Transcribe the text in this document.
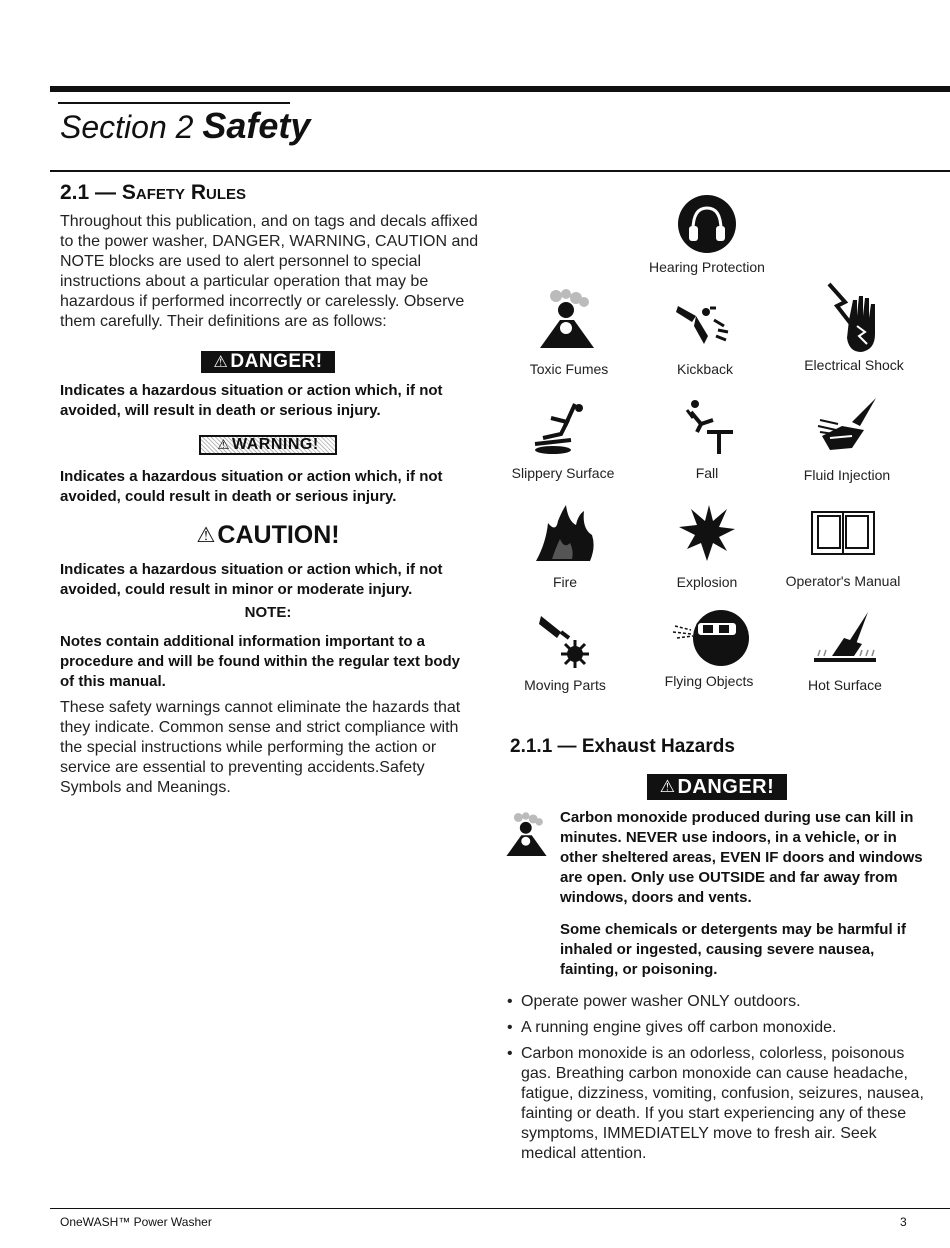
Section 2 Safety
2.1 — Safety Rules
Throughout this publication, and on tags and decals affixed to the power washer, DANGER, WARNING, CAUTION and NOTE blocks are used to alert personnel to special instructions about a particular operation that may be hazardous if performed incorrectly or carelessly. Observe them carefully. Their definitions are as follows:
⚠ DANGER!
Indicates a hazardous situation or action which, if not avoided, will result in death or serious injury.
⚠ WARNING!
Indicates a hazardous situation or action which, if not avoided, could result in death or serious injury.
⚠ CAUTION!
Indicates a hazardous situation or action which, if not avoided, could result in minor or moderate injury.
NOTE:
Notes contain additional information important to a procedure and will be found within the regular text body of this manual.
These safety warnings cannot eliminate the hazards that they indicate. Common sense and strict compliance with the special instructions while performing the action or service are essential to preventing accidents.Safety Symbols and Meanings.
Hearing Protection
Toxic Fumes	Kickback	Electrical Shock
Slippery Surface	Fall	Fluid Injection
Fire	Explosion	Operator's Manual
Moving Parts	Flying Objects	Hot Surface
2.1.1 — Exhaust Hazards
⚠ DANGER!
Carbon monoxide produced during use can kill in minutes. NEVER use indoors, in a vehicle, or in other sheltered areas, EVEN IF doors and windows are open. Only use OUTSIDE and far away from windows, doors and vents.
Some chemicals or detergents may be harmful if inhaled or ingested, causing severe nausea, fainting, or poisoning.
• Operate power washer ONLY outdoors.
• A running engine gives off carbon monoxide.
• Carbon monoxide is an odorless, colorless, poisonous gas. Breathing carbon monoxide can cause headache, fatigue, dizziness, vomiting, confusion, seizures, nausea, fainting or death. If you start experiencing any of these symptoms, IMMEDIATELY move to fresh air. Seek medical attention.
OneWASH™ Power Washer	3
